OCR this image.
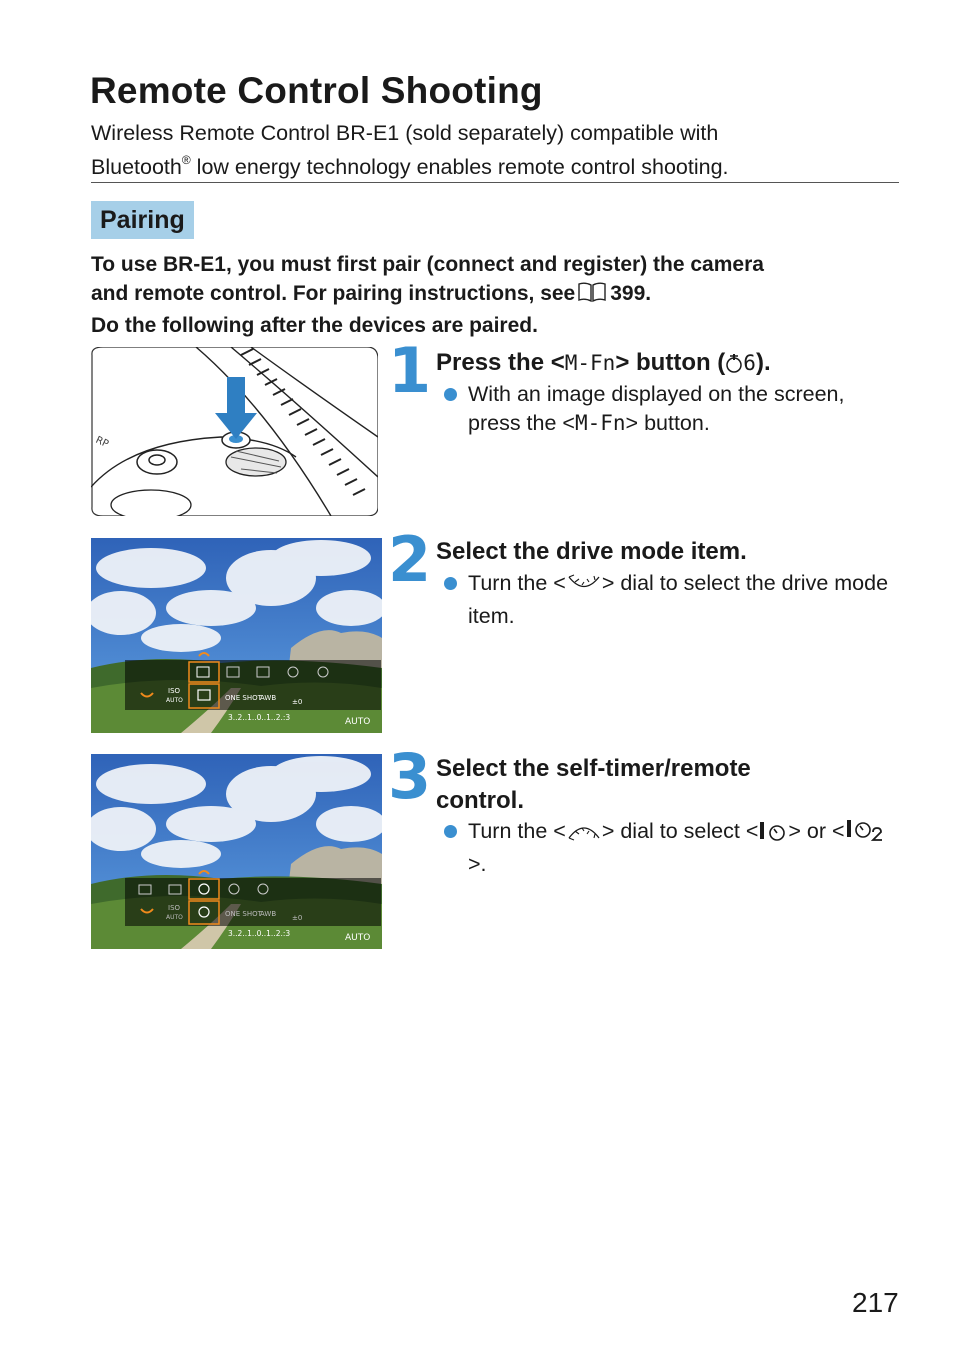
Remote Control Shooting
Wireless Remote Control BR-E1 (sold separately) compatible with
Bluetooth® low energy technology enables remote control shooting.
Pairing
To use BR-E1, you must first pair (connect and register) the camera
and remote control. For pairing instructions, see 399.
Do the following after the devices are paired.
RP
1 Press the <M-Fn> button ( 6).
With an image displayed on the screen, press the <M-Fn> button.
ISO
AUTO	ONE SHOT
AWB ±0
3..2..1..0..1..2.:3	AUTO
2 Select the drive mode item.
Turn the < > dial to select the drive mode item.
ISO
AUTO	ONE SHOT
AWB ±0
3..2..1..0..1..2.:3	AUTO
3 Select the self-timer/remote control.
Turn the < > dial to select < > or <>.
217
